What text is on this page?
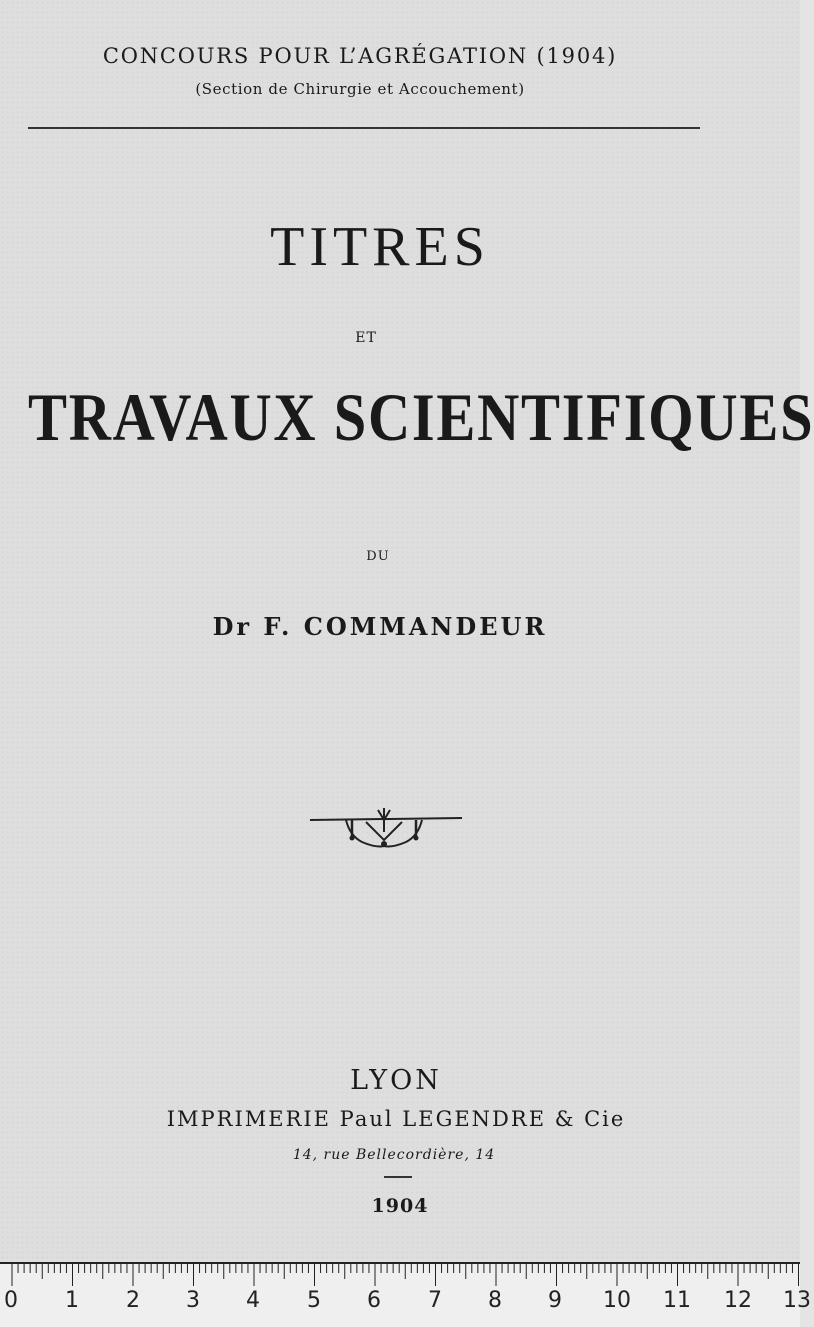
CONCOURS POUR L’AGRÉGATION (1904)
(Section de Chirurgie et Accouchement)
TITRES
ET
TRAVAUX SCIENTIFIQUES
DU
Dr F. COMMANDEUR
LYON
IMPRIMERIE Paul LEGENDRE & Cie
14, rue Bellecordière, 14
1904
0 1 2 3 4 5 6 7 8 9 10 11 12 13
